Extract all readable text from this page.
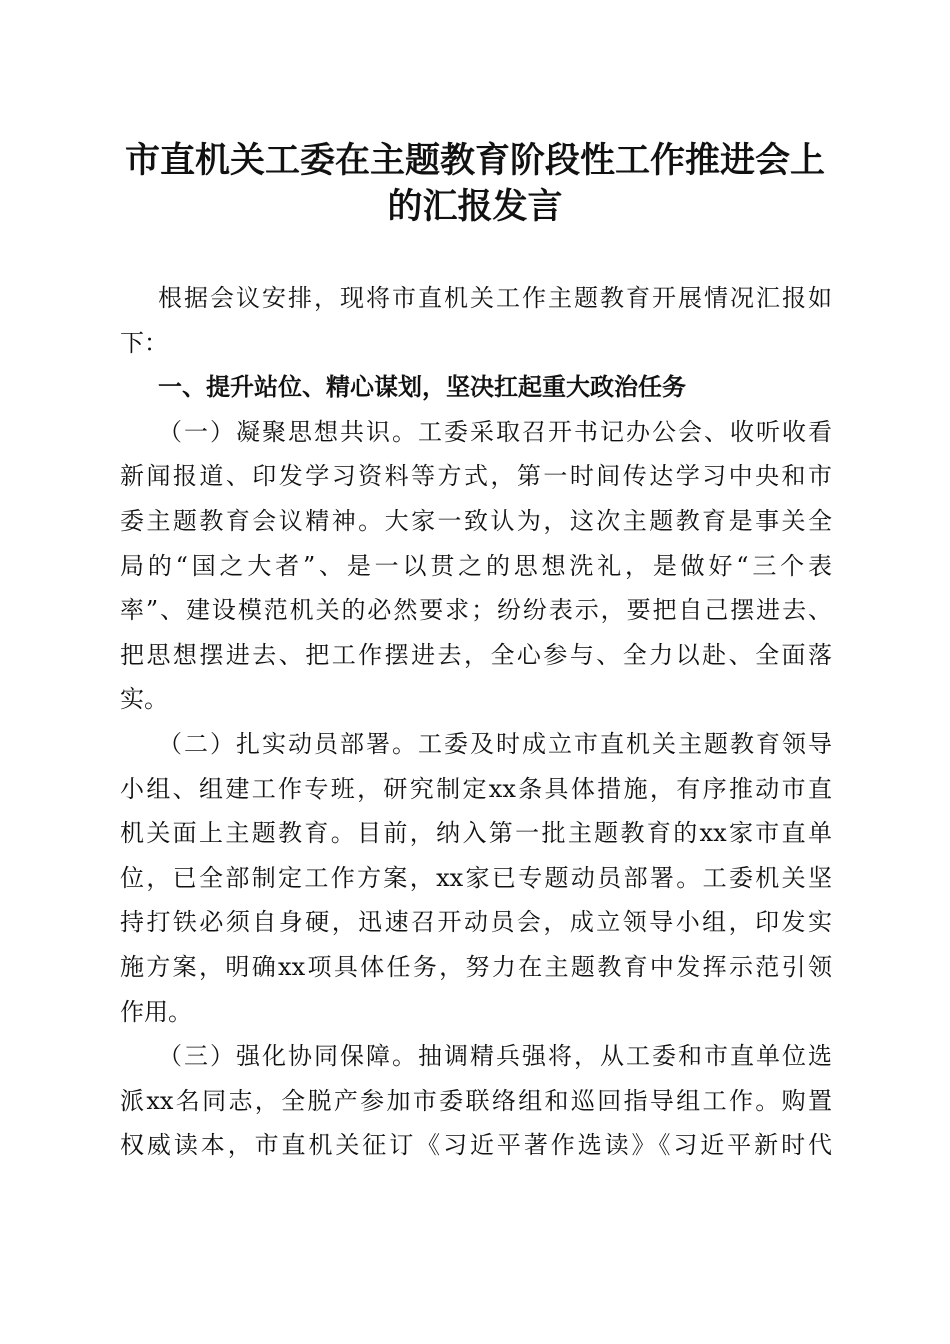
市直机关工委在主题教育阶段性工作推进会上
的汇报发言
根据会议安排，现将市直机关工作主题教育开展情况汇报如
下：
一、提升站位、精心谋划，坚决扛起重大政治任务
（一）凝聚思想共识。工委采取召开书记办公会、收听收看
新闻报道、印发学习资料等方式，第一时间传达学习中央和市
委主题教育会议精神。大家一致认为，这次主题教育是事关全
局的“国之大者”、是一以贯之的思想洗礼，是做好“三个表
率”、建设模范机关的必然要求；纷纷表示，要把自己摆进去、
把思想摆进去、把工作摆进去，全心参与、全力以赴、全面落
实。
（二）扎实动员部署。工委及时成立市直机关主题教育领导
小组、组建工作专班，研究制定xx条具体措施，有序推动市直
机关面上主题教育。目前，纳入第一批主题教育的xx家市直单
位，已全部制定工作方案，xx家已专题动员部署。工委机关坚
持打铁必须自身硬，迅速召开动员会，成立领导小组，印发实
施方案，明确xx项具体任务，努力在主题教育中发挥示范引领
作用。
（三）强化协同保障。抽调精兵强将，从工委和市直单位选
派xx名同志，全脱产参加市委联络组和巡回指导组工作。购置
权威读本，市直机关征订《习近平著作选读》《习近平新时代
